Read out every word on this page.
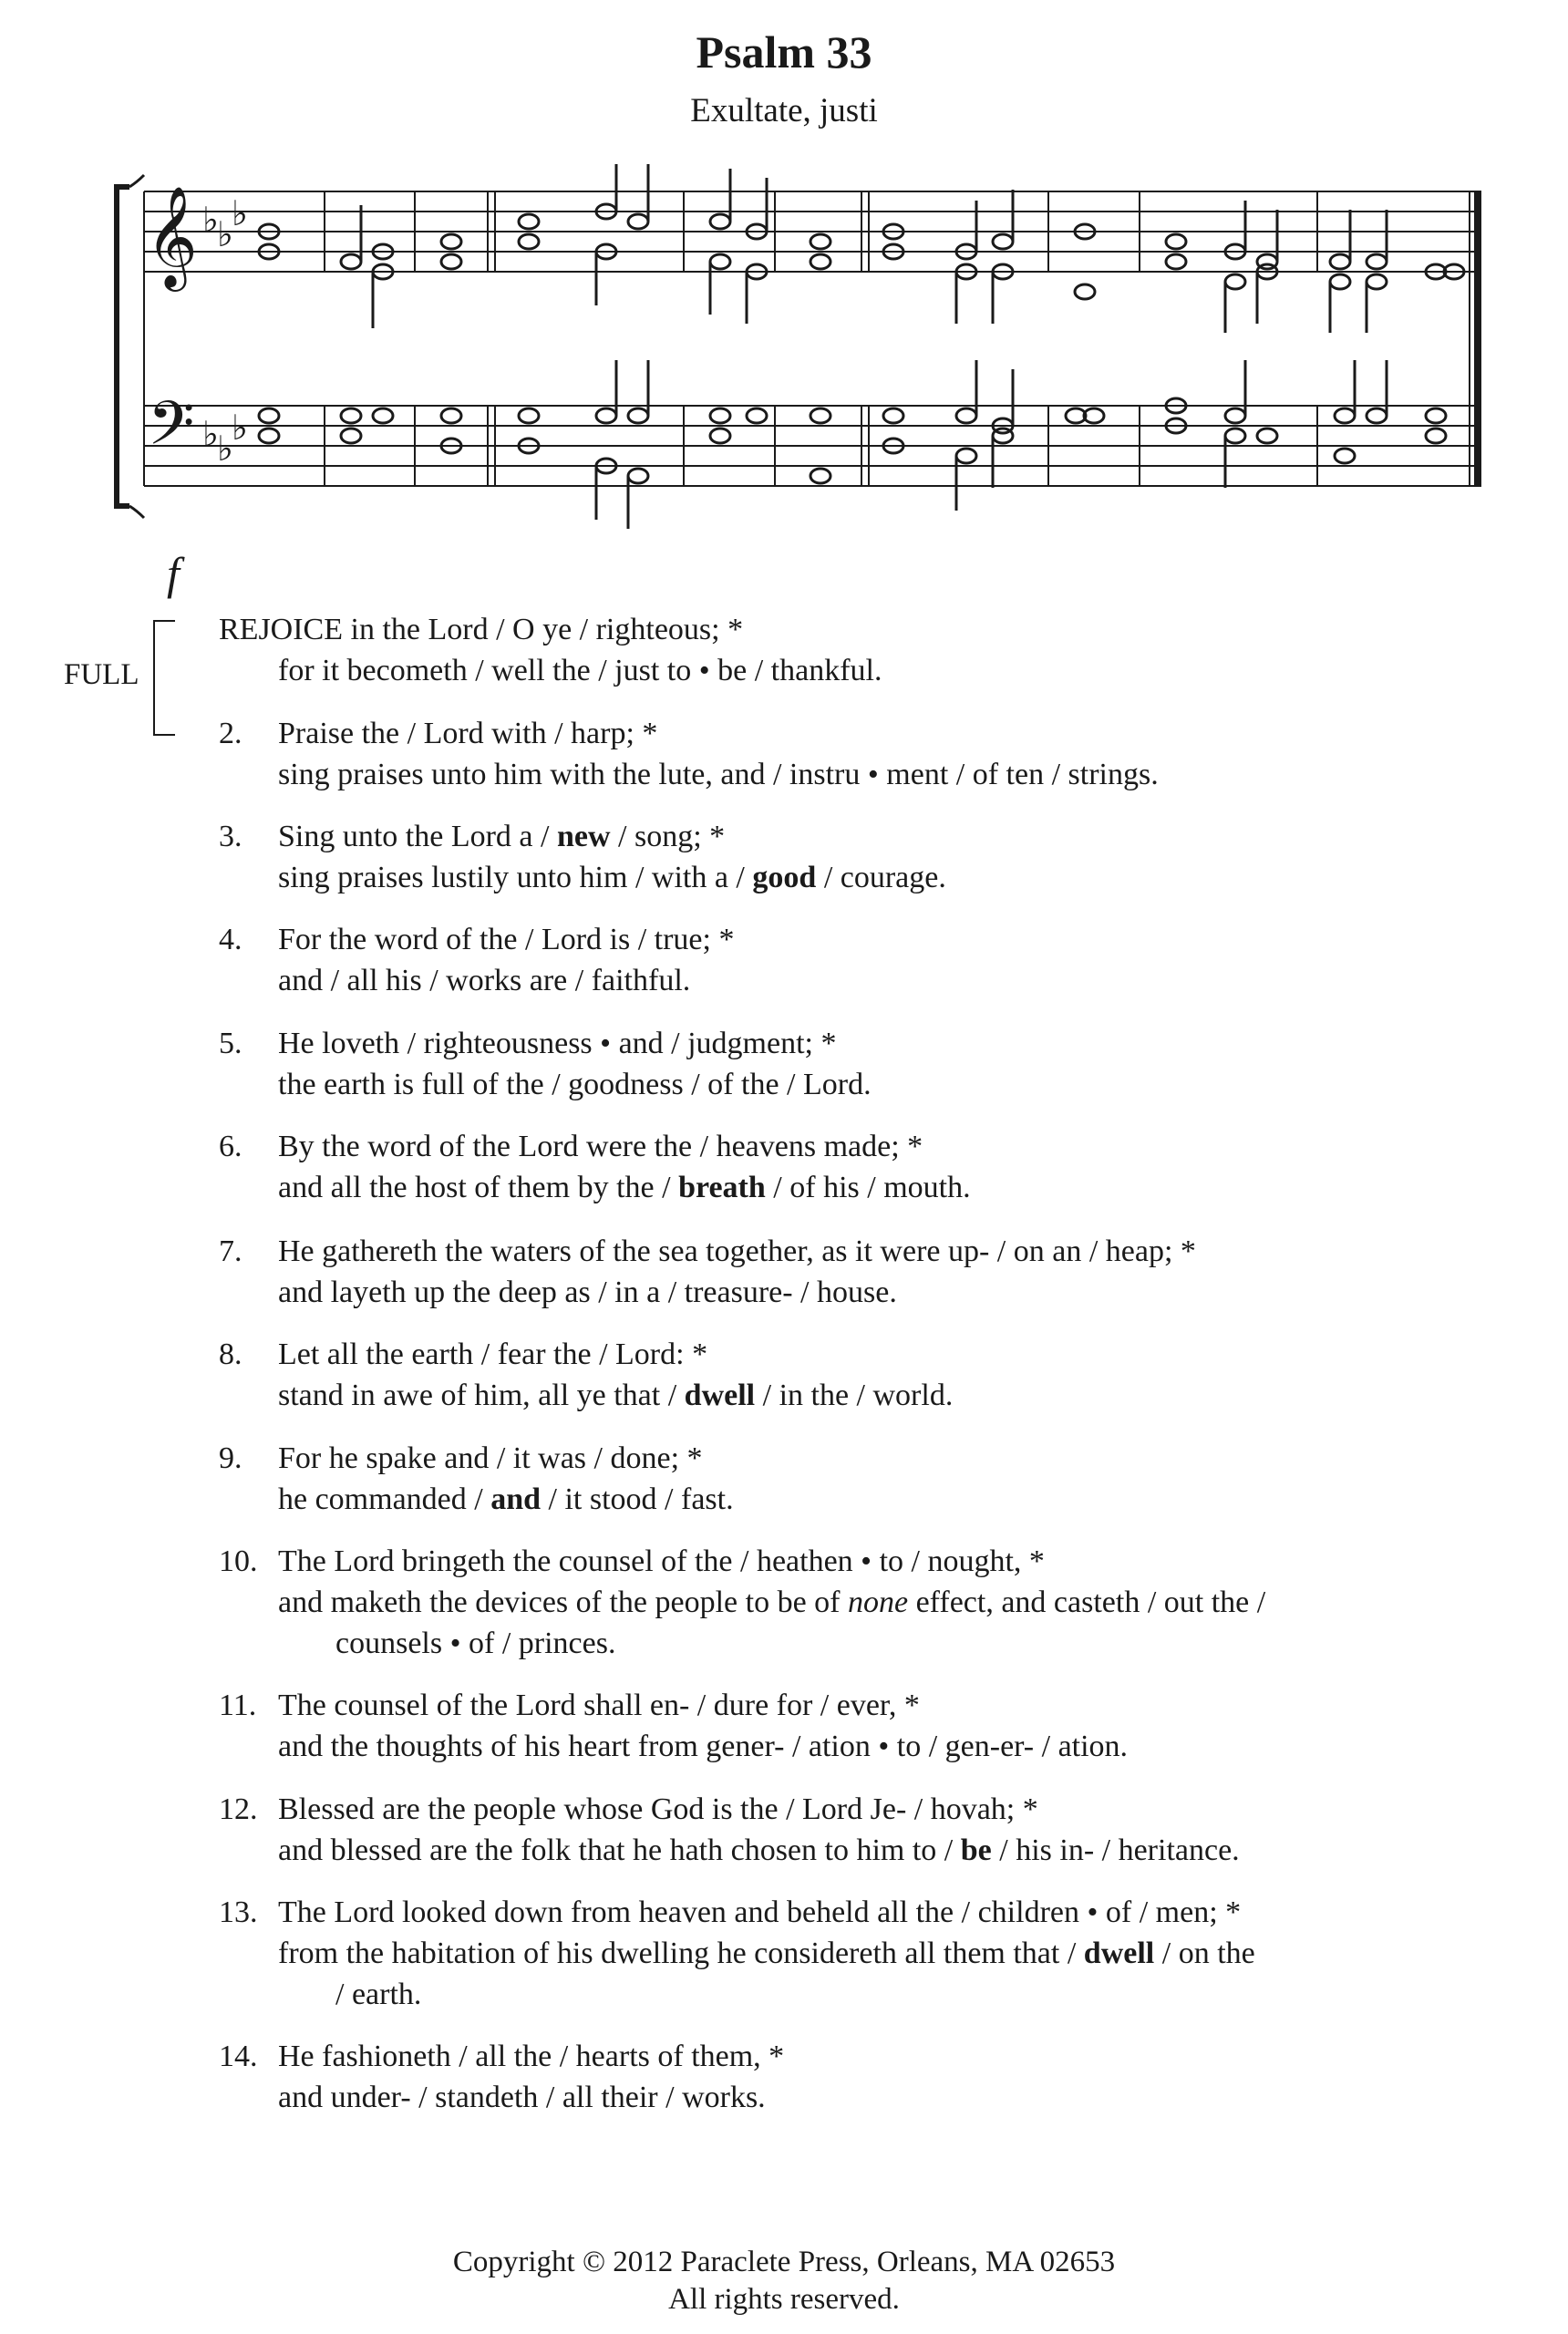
Psalm 33
Exultate, justi
𝄞
𝄢
♭
♭
♭
♭
♭
♭
f
FULL
REJOICE in the Lord / O ye / righteous; *
for it becometh / well the / just to • be / thankful.
2. Praise the / Lord with / harp; *
sing praises unto him with the lute, and / instru • ment / of ten / strings.
3. Sing unto the Lord a / new / song; *
sing praises lustily unto him / with a / good / courage.
4. For the word of the / Lord is / true; *
and / all his / works are / faithful.
5. He loveth / righteousness • and / judgment; *
the earth is full of the / goodness / of the / Lord.
6. By the word of the Lord were the / heavens made; *
and all the host of them by the / breath / of his / mouth.
7. He gathereth the waters of the sea together, as it were up- / on an / heap; *
and layeth up the deep as / in a / treasure- / house.
8. Let all the earth / fear the / Lord: *
stand in awe of him, all ye that / dwell / in the / world.
9. For he spake and / it was / done; *
he commanded / and / it stood / fast.
10. The Lord bringeth the counsel of the / heathen • to / nought, *
and maketh the devices of the people to be of none effect, and casteth / out the /
counsels • of / princes.
11. The counsel of the Lord shall en- / dure for / ever, *
and the thoughts of his heart from gener- / ation • to / gen-er- / ation.
12. Blessed are the people whose God is the / Lord Je- / hovah; *
and blessed are the folk that he hath chosen to him to / be / his in- / heritance.
13. The Lord looked down from heaven and beheld all the / children • of / men; *
from the habitation of his dwelling he considereth all them that / dwell / on the
/ earth.
14. He fashioneth / all the / hearts of them, *
and under- / standeth / all their / works.
Copyright © 2012 Paraclete Press, Orleans, MA 02653
All rights reserved.
